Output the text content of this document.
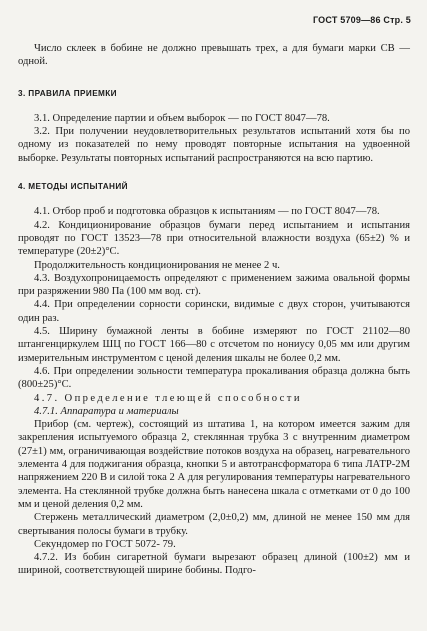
ГОСТ 5709—86 Стр. 5

Число склеек в бобине не должно превышать трех, а для бумаги марки СВ — одной.

3. ПРАВИЛА ПРИЕМКИ

3.1. Определение партии и объем выборок — по ГОСТ 8047—78.

3.2. При получении неудовлетворительных результатов испытаний хотя бы по одному из показателей по нему проводят повторные испытания на удвоенной выборке. Результаты повторных испытаний распространяются на всю партию.

4. МЕТОДЫ ИСПЫТАНИЙ

4.1. Отбор проб и подготовка образцов к испытаниям — по ГОСТ 8047—78.

4.2. Кондиционирование образцов бумаги перед испытанием и испытания проводят по ГОСТ 13523—78 при относительной влажности воздуха (65±2) % и температуре (20±2)°С.

Продолжительность кондиционирования не менее 2 ч.

4.3. Воздухопроницаемость определяют с применением зажима овальной формы при разряжении 980 Па (100 мм вод. ст).

4.4. При определении сорности сорински, видимые с двух сторон, учитываются один раз.

4.5. Ширину бумажной ленты в бобине измеряют по ГОСТ 21102—80 штангенциркулем ШЦ по ГОСТ 166—80 с отсчетом по нониусу 0,05 мм или другим измерительным инструментом с ценой деления шкалы не более 0,2 мм.

4.6. При определении зольности температура прокаливания образца должна быть (800±25)°С.

4.7. Определение тлеющей способности

4.7.1. Аппаратура и материалы

Прибор (см. чертеж), состоящий из штатива 1, на котором имеется зажим для закрепления испытуемого образца 2, стеклянная трубка 3 с внутренним диаметром (27±1) мм, ограничивающая воздействие потоков воздуха на образец, нагревательного элемента 4 для поджигания образца, кнопки 5 и автотрансформатора 6 типа ЛАТР-2М напряжением 220 В и силой тока 2 А для регулирования температуры нагревательного элемента. На стеклянной трубке должна быть нанесена шкала с отметками от 0 до 100 мм и ценой деления 0,2 мм.

Стержень металлический диаметром (2,0±0,2) мм, длиной не менее 150 мм для свертывания полосы бумаги в трубку.

Секундомер по ГОСТ 5072- 79.

4.7.2. Из бобин сигаретной бумаги вырезают образец длиной (100±2) мм и шириной, соответствующей ширине бобины. Подго-
